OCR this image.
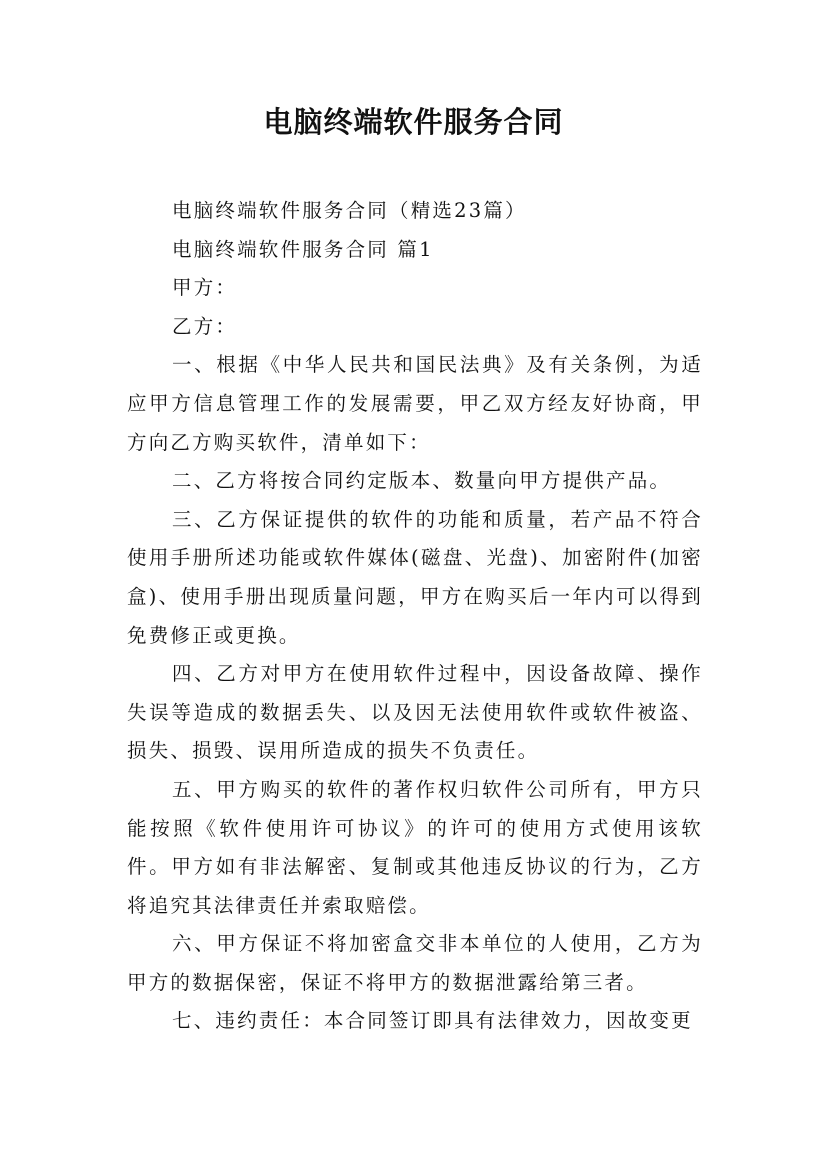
电脑终端软件服务合同

电脑终端软件服务合同（精选23篇）

电脑终端软件服务合同 篇1

甲方：

乙方：

一、根据《中华人民共和国民法典》及有关条例，为适应甲方信息管理工作的发展需要，甲乙双方经友好协商，甲方向乙方购买软件，清单如下：

二、乙方将按合同约定版本、数量向甲方提供产品。

三、乙方保证提供的软件的功能和质量，若产品不符合使用手册所述功能或软件媒体(磁盘、光盘)、加密附件(加密盒)、使用手册出现质量问题，甲方在购买后一年内可以得到免费修正或更换。

四、乙方对甲方在使用软件过程中，因设备故障、操作失误等造成的数据丢失、以及因无法使用软件或软件被盗、损失、损毁、误用所造成的损失不负责任。

五、甲方购买的软件的著作权归软件公司所有，甲方只能按照《软件使用许可协议》的许可的使用方式使用该软件。甲方如有非法解密、复制或其他违反协议的行为，乙方将追究其法律责任并索取赔偿。

六、甲方保证不将加密盒交非本单位的人使用，乙方为甲方的数据保密，保证不将甲方的数据泄露给第三者。

七、违约责任：本合同签订即具有法律效力，因故变更
